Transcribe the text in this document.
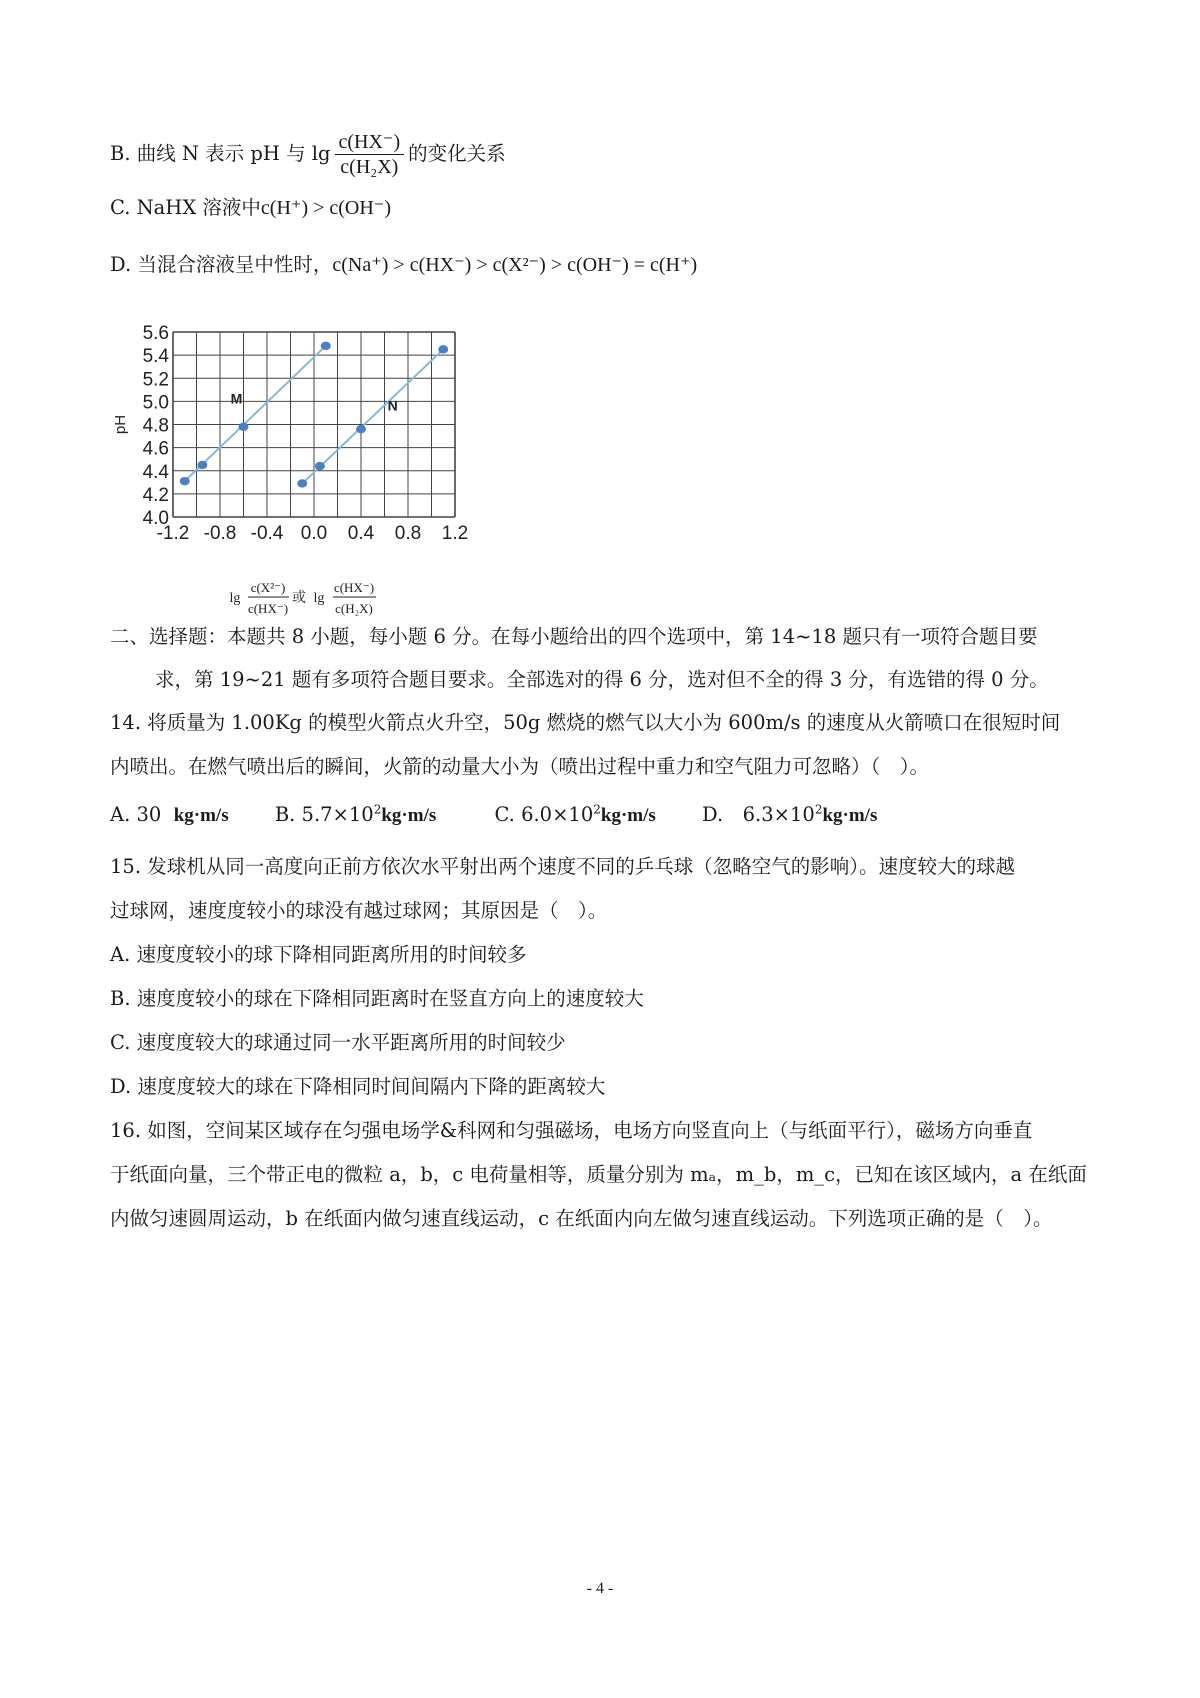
B. 曲线 N 表示 pH 与 $\lg \frac{c(HX^-)}{\text{c(H₂X)}}$ 的变化关系
C. NaHX 溶液中c(H⁺) > c(OH⁻)
D. 当混合溶液呈中性时，c(Na⁺) > c(HX⁻) > c(X²⁻) > c(OH⁻) = c(H⁺)
4.0
4.2
4.4
4.6
4.8
5.0
5.2
5.4
5.6
-1.2 -0.8 -0.4 0.0 0.4 0.8 1.2
pH
M	N
lg
c(X²⁻)
c(HX⁻)
或 lg
c(HX⁻)
c(H₂X)
二、选择题：本题共 8 小题，每小题 6 分。在每小题给出的四个选项中，第 14~18 题只有一项符合题目要
求，第 19~21 题有多项符合题目要求。全部选对的得 6 分，选对但不全的得 3 分，有选错的得 0 分。
14. 将质量为 1.00Kg 的模型火箭点火升空，50g 燃烧的燃气以大小为 600m/s 的速度从火箭喷口在很短时间
内喷出。在燃气喷出后的瞬间，火箭的动量大小为（喷出过程中重力和空气阻力可忽略）（　）。
A. 30 kg·m/s B. $5.7\times 10^2kg\cdot m/s$	C. $6.0\times 10^2kg\cdot m/s$ D.　$6.3\times 10^2kg\cdot m/s$
15. 发球机从同一高度向正前方依次水平射出两个速度不同的乒乓球（忽略空气的影响）。速度较大的球越
过球网，速度度较小的球没有越过球网；其原因是（　）。
A. 速度度较小的球下降相同距离所用的时间较多
B. 速度度较小的球在下降相同距离时在竖直方向上的速度较大
C. 速度度较大的球通过同一水平距离所用的时间较少
D. 速度度较大的球在下降相同时间间隔内下降的距离较大
16. 如图，空间某区域存在匀强电场学&科网和匀强磁场，电场方向竖直向上（与纸面平行），磁场方向垂直
于纸面向量，三个带正电的微粒 a，b，c 电荷量相等，质量分别为 mₐ，m_b，m_c，已知在该区域内，a 在纸面
内做匀速圆周运动，b 在纸面内做匀速直线运动，c 在纸面内向左做匀速直线运动。下列选项正确的是（　）。
- 4 -
